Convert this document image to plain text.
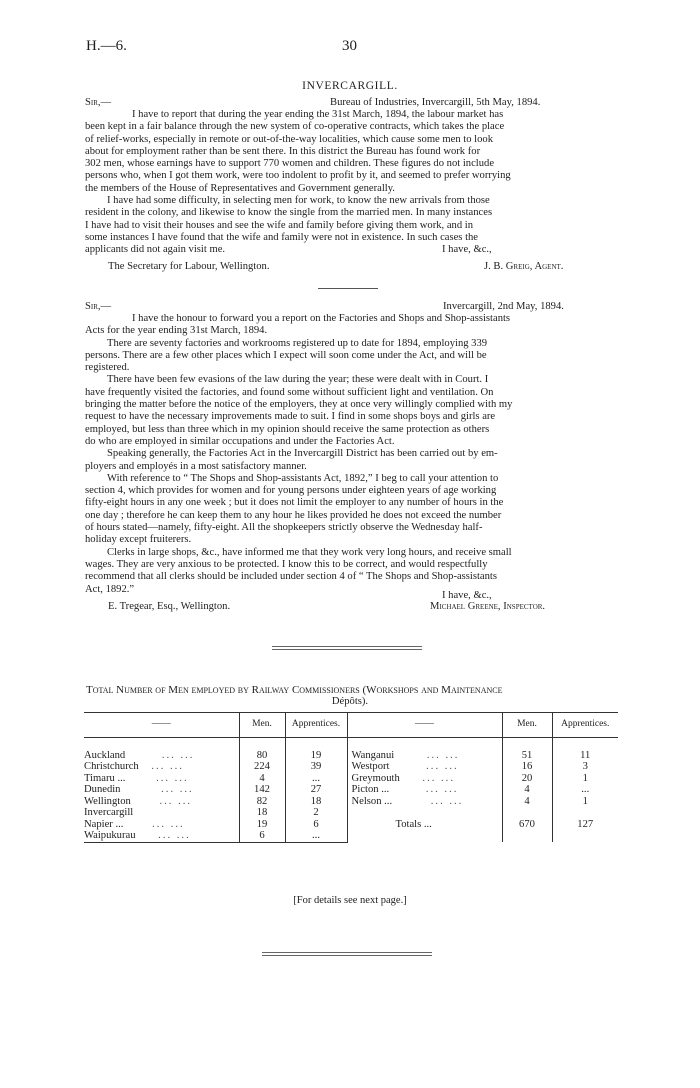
H.—6.	30
INVERCARGILL.
Sir,—	Bureau of Industries, Invercargill, 5th May, 1894.
I have to report that during the year ending the 31st March, 1894, the labour market has
been kept in a fair balance through the new system of co-operative contracts, which takes the place
of relief-works, especially in remote or out-of-the-way localities, which cause some men to look
about for employment rather than be sent there. In this district the Bureau has found work for
302 men, whose earnings have to support 770 women and children. These figures do not include
persons who, when I got them work, were too indolent to profit by it, and seemed to prefer worrying
the members of the House of Representatives and Government generally.
I have had some difficulty, in selecting men for work, to know the new arrivals from those
resident in the colony, and likewise to know the single from the married men. In many instances
I have had to visit their houses and see the wife and family before giving them work, and in
some instances I have found that the wife and family were not in existence. In such cases the
applicants did not again visit me.	I have, &c.,
The Secretary for Labour, Wellington.	J. B. Greig, Agent.
Sir,—	Invercargill, 2nd May, 1894.
I have the honour to forward you a report on the Factories and Shops and Shop-assistants
Acts for the year ending 31st March, 1894.
There are seventy factories and workrooms registered up to date for 1894, employing 339
persons. There are a few other places which I expect will soon come under the Act, and will be
registered.
There have been few evasions of the law during the year; these were dealt with in Court. I
have frequently visited the factories, and found some without sufficient light and ventilation. On
bringing the matter before the notice of the employers, they at once very willingly complied with my
request to have the necessary improvements made to suit. I find in some shops boys and girls are
employed, but less than three which in my opinion should receive the same protection as others
do who are employed in similar occupations and under the Factories Act.
Speaking generally, the Factories Act in the Invercargill District has been carried out by em-
ployers and employés in a most satisfactory manner.
With reference to “ The Shops and Shop-assistants Act, 1892,” I beg to call your attention to
section 4, which provides for women and for young persons under eighteen years of age working
fifty-eight hours in any one week ; but it does not limit the employer to any number of hours in the
one day ; therefore he can keep them to any hour he likes provided he does not exceed the number
of hours stated—namely, fifty-eight. All the shopkeepers strictly observe the Wednesday half-
holiday except fruiterers.
Clerks in large shops, &c., have informed me that they work very long hours, and receive small
wages. They are very anxious to be protected. I know this to be correct, and would respectfully
recommend that all clerks should be included under section 4 of “ The Shops and Shop-assistants
Act, 1892.”
I have, &c.,
E. Tregear, Esq., Wellington.	Michael Greene, Inspector.
Total Number of Men employed by Railway Commissioners (Workshops and Maintenance
Dépôts).
——	Men.	Apprentices.	——	Men.	Apprentices.

Auckland ... ...	80	19	Wanganui ... ...	51	11
Christchurch ... ...	224	39	Westport ... ...	16	3
Timaru ... ... ...	4	...	Greymouth ... ...	20	1
Dunedin ... ...	142	27	Picton ... ... ...	4	...
Wellington ... ...	82	18	Nelson ... ... ...	4	1
Invercargill	18	2			
Napier ... ... ...	19	6	Totals ...	670	127
Waipukurau ... ...	6	...			
[For details see next page.]
